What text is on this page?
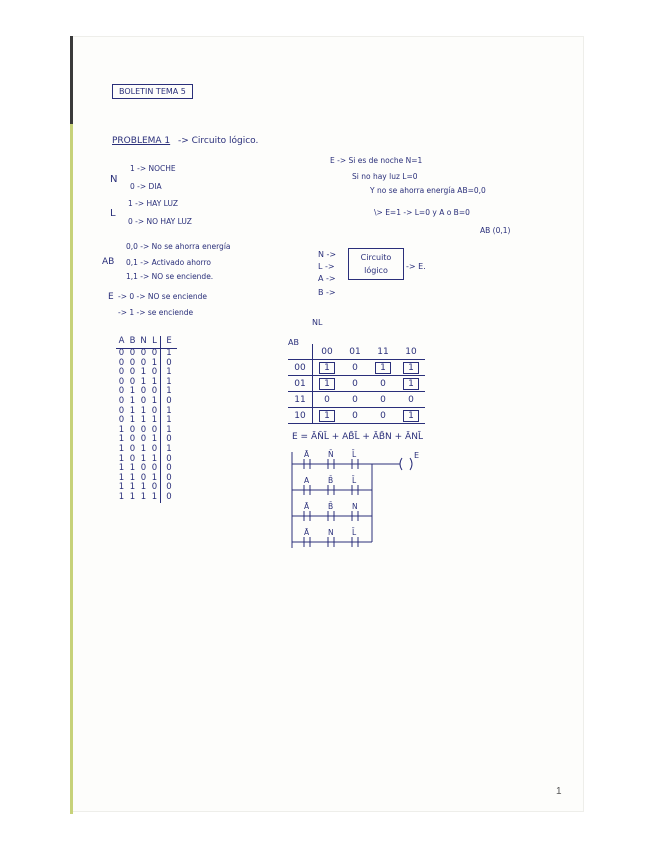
BOLETIN TEMA 5
PROBLEMA 1 -> Circuito lógico.
N
1 -> NOCHE
0 -> DIA
L
1 -> HAY LUZ
0 -> NO HAY LUZ
AB
0,0 -> No se ahorra energía
0,1 -> Activado ahorro
1,1 -> NO se enciende.
E -> 0 -> NO se enciende
-> 1 -> se enciende
E -> Si es de noche N=1
Si no hay luz L=0
Y no se ahorra energía AB=0,0
\> E=1 -> L=0 y A o B=0
AB (0,1)
N ->
L ->
A ->
B ->
Circuito
lógico	-> E.
A	B	N	L	E
0	0	0	0	1
0	0	0	1	0
0	0	1	0	1
0	0	1	1	1
0	1	0	0	1
0	1	0	1	0
0	1	1	0	1
0	1	1	1	1
1	0	0	0	1
1	0	0	1	0
1	0	1	0	1
1	0	1	1	0
1	1	0	0	0
1	1	0	1	0
1	1	1	0	0
1	1	1	1	0
NL
AB
	00	01	11	10
00	1	0	1	1
01	1	0	0	1
11	0	0	0	0
10	1	0	0	1
E = ĀN̄L̄ + AB̄L̄ + ĀB̄N + ĀNL̄
Ā	N̄ L̄
A	B̄	L̄
Ā	B̄	N
Ā	N L̄
E
1
